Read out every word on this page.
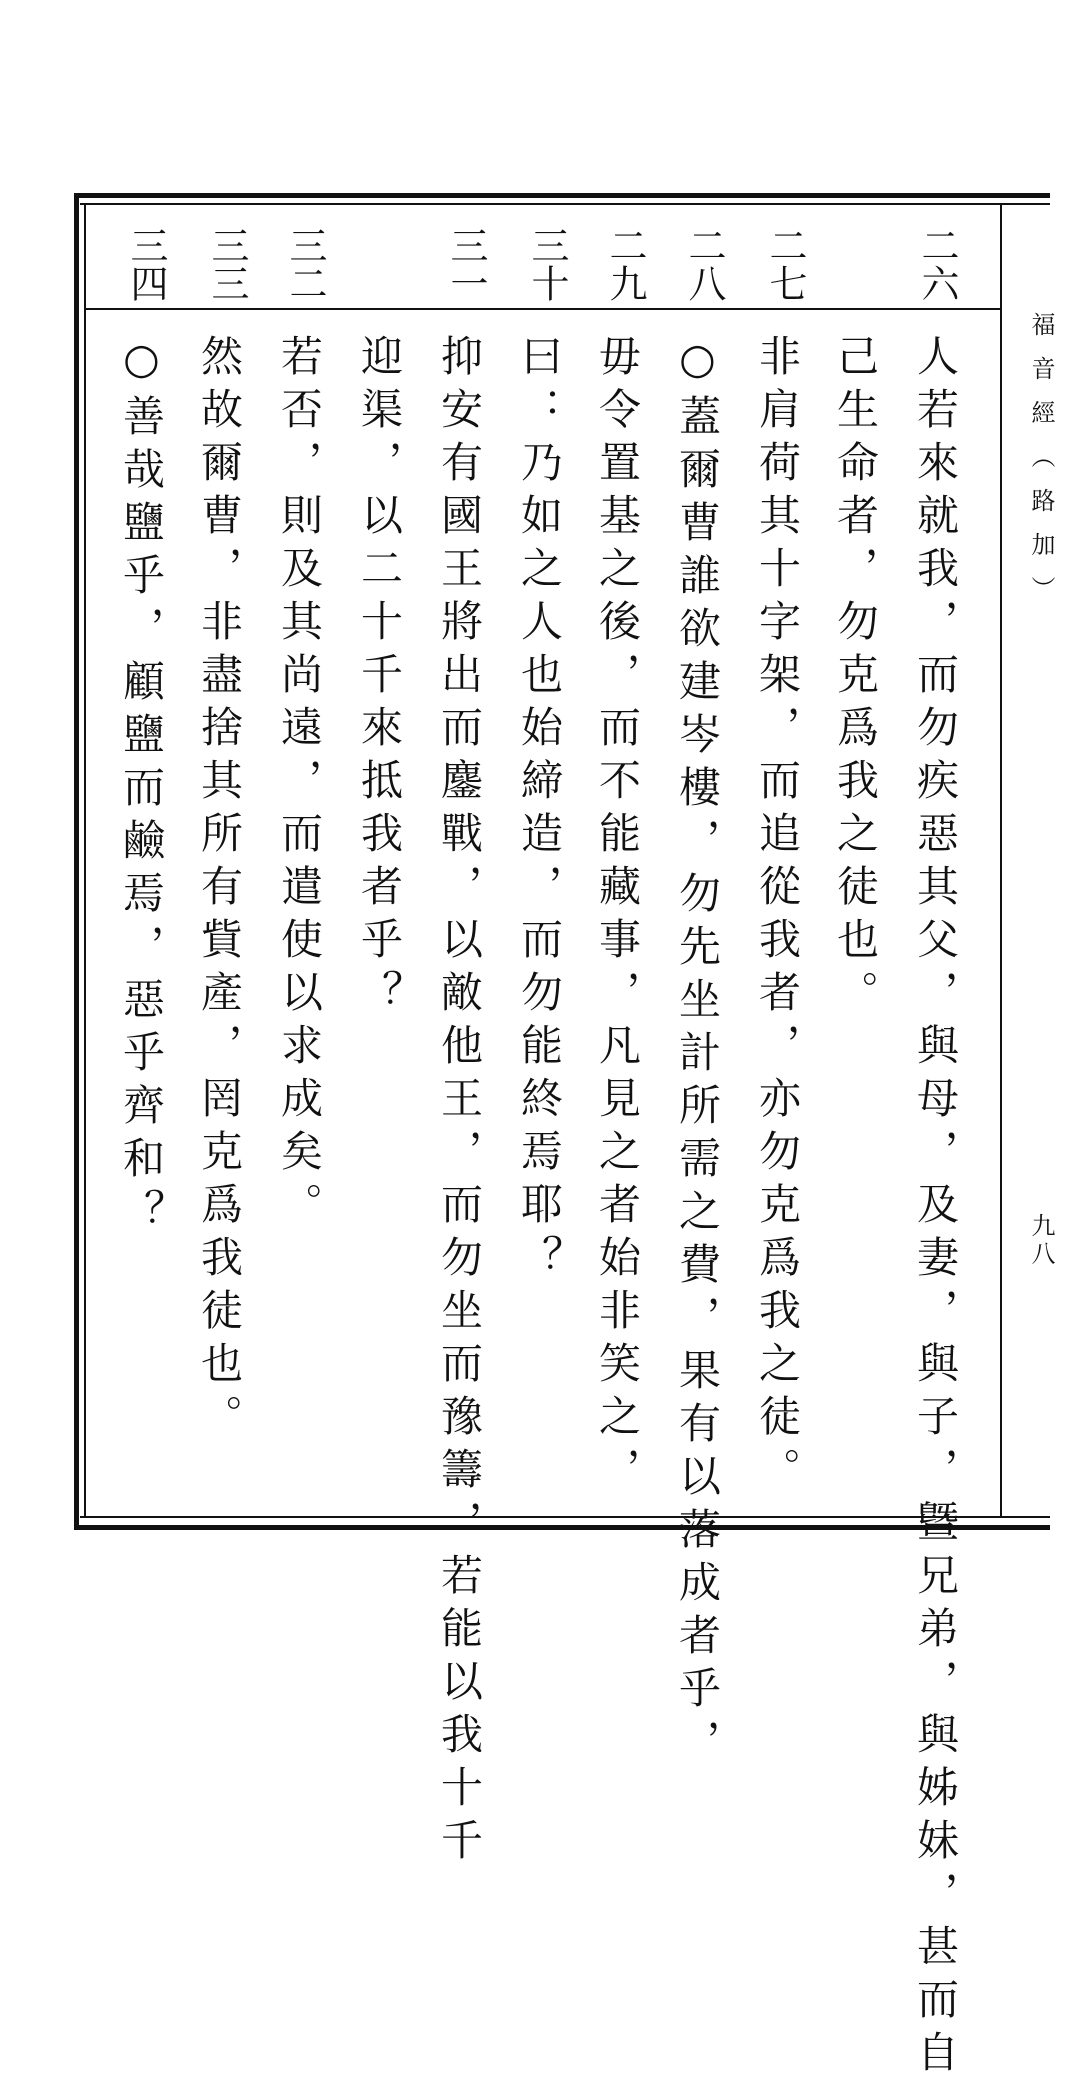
福音經（路加）
九八
二六
二七
二八
二九
三十
三一
三二
三三
三四
人若來就我，而勿疾惡其父，與母，及妻，與子，曁兄弟，與姊妹，甚而自
己生命者，勿克爲我之徒也。
非肩荷其十字架，而追從我者，亦勿克爲我之徒。
○蓋爾曹誰欲建岑樓，勿先坐計所需之費，果有以落成者乎，
毋令置基之後，而不能藏事，凡見之者始非笑之，
曰：乃如之人也始締造，而勿能終焉耶？
抑安有國王將出而鏖戰，以敵他王，而勿坐而豫籌，若能以我十千
迎渠，以二十千來抵我者乎？
若否，則及其尚遠，而遣使以求成矣。
然故爾曹，非盡捨其所有貲產，罔克爲我徒也。
○善哉鹽乎，顧鹽而鹼焉，惡乎齊和？
